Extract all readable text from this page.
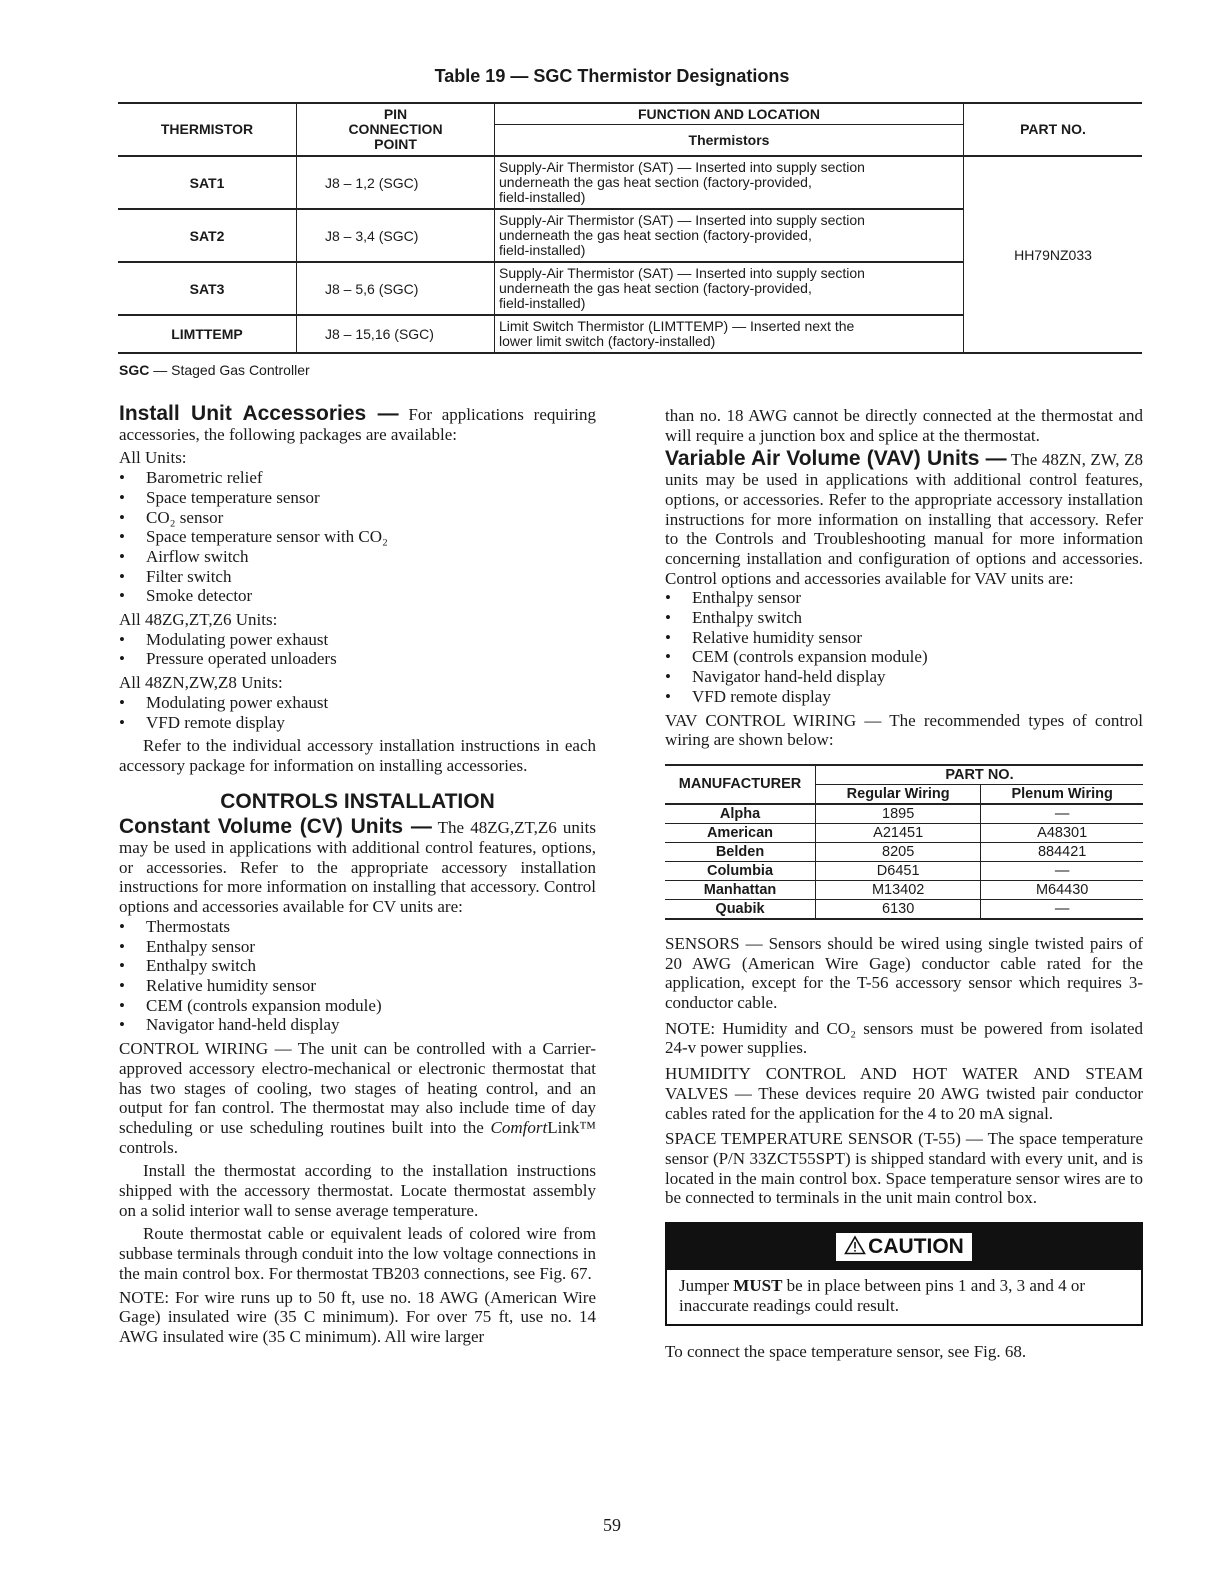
Table 19 — SGC Thermistor Designations
THERMISTOR	PIN
CONNECTION
POINT	FUNCTION AND LOCATION	PART NO.
		Thermistors	
SAT1	J8 – 1,2 (SGC)	Supply-Air Thermistor (SAT) — Inserted into supply section
underneath the gas heat section (factory-provided,
field-installed)	HH79NZ033
SAT2	J8 – 3,4 (SGC)	Supply-Air Thermistor (SAT) — Inserted into supply section
underneath the gas heat section (factory-provided,
field-installed)	

SAT3	J8 – 5,6 (SGC)	Supply-Air Thermistor (SAT) — Inserted into supply section
underneath the gas heat section (factory-provided,
field-installed)	

LIMTTEMP	J8 – 15,16 (SGC)	Limit Switch Thermistor (LIMTTEMP) — Inserted next the
lower limit switch (factory-installed)	
SGC — Staged Gas Controller

Install Unit Accessories — For applications requiring accessories, the following packages are available:

All Units:

• Barometric relief
• Space temperature sensor
• CO₂ sensor
• Space temperature sensor with CO₂
• Airflow switch
• Filter switch
• Smoke detector

All 48ZG,ZT,Z6 Units:

• Modulating power exhaust
• Pressure operated unloaders

All 48ZN,ZW,Z8 Units:

• Modulating power exhaust
• VFD remote display

Refer to the individual accessory installation instructions in each accessory package for information on installing accessories.

CONTROLS INSTALLATION

Constant Volume (CV) Units — The 48ZG,ZT,Z6 units may be used in applications with additional control features, options, or accessories. Refer to the appropriate accessory installation instructions for more information on installing that accessory. Control options and accessories available for CV units are:

• Thermostats
• Enthalpy sensor
• Enthalpy switch
• Relative humidity sensor
• CEM (controls expansion module)
• Navigator hand-held display

CONTROL WIRING — The unit can be controlled with a Carrier-approved accessory electro-mechanical or electronic thermostat that has two stages of cooling, two stages of heating control, and an output for fan control. The thermostat may also include time of day scheduling or use scheduling routines built into the ComfortLink™ controls.

Install the thermostat according to the installation instructions shipped with the accessory thermostat. Locate thermostat assembly on a solid interior wall to sense average temperature.

Route thermostat cable or equivalent leads of colored wire from subbase terminals through conduit into the low voltage connections in the main control box. For thermostat TB203 connections, see Fig. 67.

NOTE: For wire runs up to 50 ft, use no. 18 AWG (American Wire Gage) insulated wire (35 C minimum). For over 75 ft, use no. 14 AWG insulated wire (35 C minimum). All wire larger

than no. 18 AWG cannot be directly connected at the thermostat and will require a junction box and splice at the thermostat.

Variable Air Volume (VAV) Units — The 48ZN, ZW, Z8 units may be used in applications with additional control features, options, or accessories. Refer to the appropriate accessory installation instructions for more information on installing that accessory. Refer to the Controls and Troubleshooting manual for more information concerning installation and configuration of options and accessories. Control options and accessories available for VAV units are:

• Enthalpy sensor
• Enthalpy switch
• Relative humidity sensor
• CEM (controls expansion module)
• Navigator hand-held display
• VFD remote display

VAV CONTROL WIRING — The recommended types of control wiring are shown below:

MANUFACTURER	PART NO.	
	Regular Wiring	Plenum Wiring
Alpha	1895	—
American	A21451	A48301
Belden	8205	884421
Columbia	D6451	—
Manhattan	M13402	M64430
Quabik	6130	—

SENSORS — Sensors should be wired using single twisted pairs of 20 AWG (American Wire Gage) conductor cable rated for the application, except for the T-56 accessory sensor which requires 3-conductor cable.

NOTE: Humidity and CO₂ sensors must be powered from isolated 24-v power supplies.

HUMIDITY CONTROL AND HOT WATER AND STEAM VALVES — These devices require 20 AWG twisted pair conductor cables rated for the application for the 4 to 20 mA signal.

SPACE TEMPERATURE SENSOR (T-55) — The space temperature sensor (P/N 33ZCT55SPT) is shipped standard with every unit, and is located in the main control box. Space temperature sensor wires are to be connected to terminals in the unit main control box.

CAUTION
Jumper MUST be in place between pins 1 and 3, 3 and 4 or inaccurate readings could result.

To connect the space temperature sensor, see Fig. 68.

59
